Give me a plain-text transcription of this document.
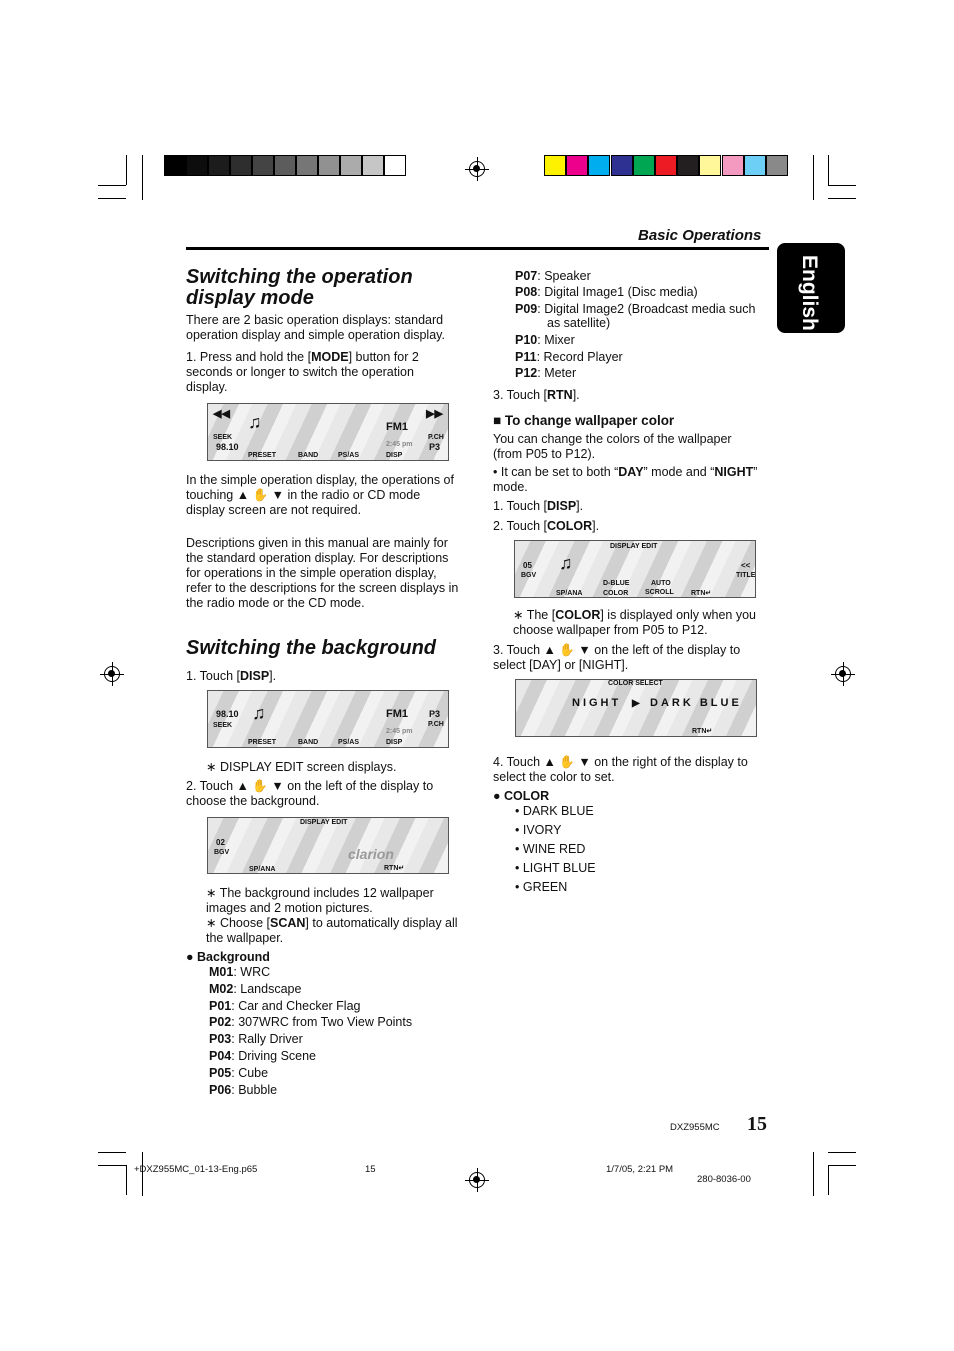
English
Basic Operations
Switching the operation
display mode
There are 2 basic operation displays: standard operation display and simple operation display.
1. Press and hold the [MODE] button for 2 seconds or longer to switch the operation display.
◀◀	▶▶
♫
SEEK
98.10
FM1
2:45 pm
P.CH
P3
PRESET	BAND	PS/AS	DISP
In the simple operation display, the operations of touching ▲ ✋ ▼ in the radio or CD mode display screen are not required.
Descriptions given in this manual are mainly for the standard operation display. For descriptions for operations in the simple operation display, refer to the descriptions for the screen displays in the radio mode or the CD mode.
Switching the background
1. Touch [DISP].
98.10
SEEK
♫	FM1
2:45 pm
P3
P.CH
PRESET	BAND	PS/AS	DISP
∗ DISPLAY EDIT screen displays.
2. Touch ▲ ✋ ▼ on the left of the display to choose the background.
DISPLAY EDIT
02
BGV	clarion
SP/ANA	RTN↵
∗ The background includes 12 wallpaper images and 2 motion pictures.
∗ Choose [SCAN] to automatically display all the wallpaper.
● Background
M01: WRC
M02: Landscape
P01: Car and Checker Flag
P02: 307WRC from Two View Points
P03: Rally Driver
P04: Driving Scene
P05: Cube
P06: Bubble
P07: Speaker
P08: Digital Image1 (Disc media)
P09: Digital Image2 (Broadcast media such
as satellite)
P10: Mixer
P11: Record Player
P12: Meter
3. Touch [RTN].
■ To change wallpaper color
You can change the colors of the wallpaper (from P05 to P12).
• It can be set to both “DAY” mode and “NIGHT” mode.
1. Touch [DISP].
2. Touch [COLOR].
DISPLAY EDIT
05
BGV
♫	<<
TITLE
SP/ANA
D-BLUE
COLOR
AUTO
SCROLL RTN↵
∗ The [COLOR] is displayed only when you choose wallpaper from P05 to P12.
3. Touch ▲ ✋ ▼ on the left of the display to select [DAY] or [NIGHT].
COLOR SELECT
NIGHT ▶ DARK BLUE
RTN↵
4. Touch ▲ ✋ ▼ on the right of the display to select the color to set.
● COLOR
• DARK BLUE
• IVORY
• WINE RED
• LIGHT BLUE
• GREEN
DXZ955MC 15
+DXZ955MC_01-13-Eng.p65	15	1/7/05, 2:21 PM
280-8036-00
